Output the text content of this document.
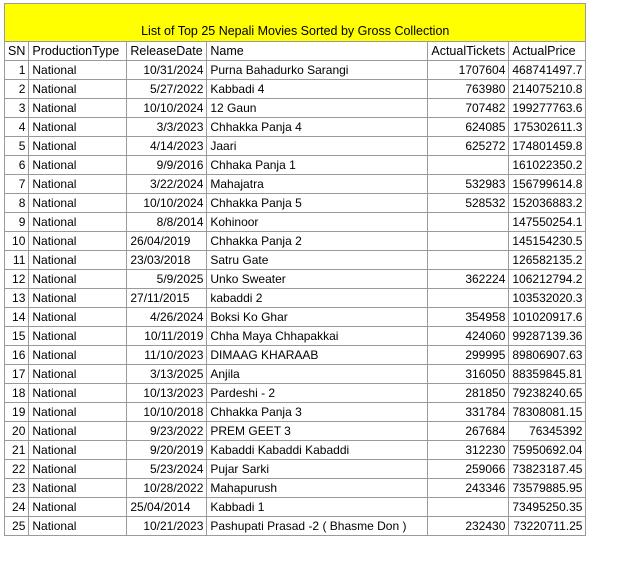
List of Top 25 Nepali Movies Sorted by Gross Collection					
SN	ProductionType	ReleaseDate	Name	ActualTickets	ActualPrice
1	National	10/31/2024	Purna Bahadurko Sarangi	1707604	468741497.7
2	National	5/27/2022	Kabbadi 4	763980	214075210.8
3	National	10/10/2024	12 Gaun	707482	199277763.6
4	National	3/3/2023	Chhakka Panja 4	624085	175302611.3
5	National	4/14/2023	Jaari	625272	174801459.8
6	National	9/9/2016	Chhaka Panja 1		161022350.2
7	National	3/22/2024	Mahajatra	532983	156799614.8
8	National	10/10/2024	Chhakka Panja 5	528532	152036883.2
9	National	8/8/2014	Kohinoor		147550254.1
10	National	26/04/2019	Chhakka Panja 2		145154230.5
11	National	23/03/2018	Satru Gate		126582135.2
12	National	5/9/2025	Unko Sweater	362224	106212794.2
13	National	27/11/2015	kabaddi 2		103532020.3
14	National	4/26/2024	Boksi Ko Ghar	354958	101020917.6
15	National	10/11/2019	Chha Maya Chhapakkai	424060	99287139.36
16	National	11/10/2023	DIMAAG KHARAAB	299995	89806907.63
17	National	3/13/2025	Anjila	316050	88359845.81
18	National	10/13/2023	Pardeshi - 2	281850	79238240.65
19	National	10/10/2018	Chhakka Panja 3	331784	78308081.15
20	National	9/23/2022	PREM GEET 3	267684	76345392
21	National	9/20/2019	Kabaddi Kabaddi Kabaddi	312230	75950692.04
22	National	5/23/2024	Pujar Sarki	259066	73823187.45
23	National	10/28/2022	Mahapurush	243346	73579885.95
24	National	25/04/2014	Kabbadi 1		73495250.35
25	National	10/21/2023	Pashupati Prasad -2 ( Bhasme Don )	232430	73220711.25
